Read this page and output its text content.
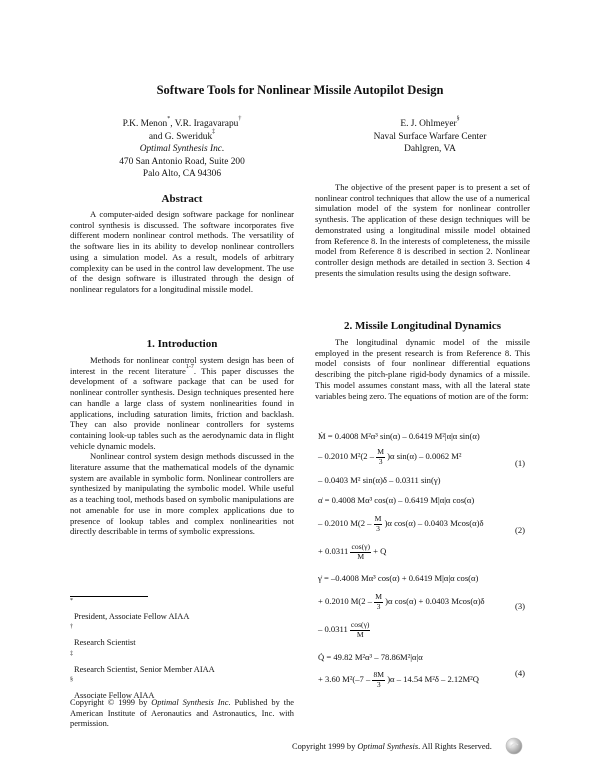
Software Tools for Nonlinear Missile Autopilot Design
P.K. Menon*, V.R. Iragavarapu†
and G. Sweriduk‡
Optimal Synthesis Inc.
470 San Antonio Road, Suite 200
Palo Alto, CA 94306
E. J. Ohlmeyer§
Naval Surface Warfare Center
Dahlgren, VA
Abstract

A computer-aided design software package for nonlinear control synthesis is discussed. The software incorporates five different modern nonlinear control methods. The versatility of the software lies in its ability to develop nonlinear controllers using a simulation model. As a result, models of arbitrary complexity can be used in the control law development. The use of the design software is illustrated through the design of nonlinear regulators for a longitudinal missile model.

1. Introduction

Methods for nonlinear control system design has been of interest in the recent literature$^{1-7}$. This paper discusses the development of a software package that can be used for nonlinear controller synthesis. Design techniques presented here can handle a large class of system nonlinearities found in applications, including saturation limits, friction and backlash. They can also provide nonlinear controllers for systems containing look-up tables such as the aerodynamic data in flight vehicle dynamic models.

Nonlinear control system design methods discussed in the literature assume that the mathematical models of the dynamic system are available in symbolic form. Nonlinear controllers are synthesized by manipulating the symbolic model. While useful as a teaching tool, methods based on symbolic manipulations are not amenable for use in more complex applications due to presence of lookup tables and complex nonlinearities not directly describable in terms of symbolic expressions.

*
President, Associate Fellow AIAA
†
Research Scientist
‡
Research Scientist, Senior Member AIAA
§
Associate Fellow AIAA
Copyright © 1999 by Optimal Synthesis Inc. Published by the American Institute of Aeronautics and Astronautics, Inc. with permission.

The objective of the present paper is to present a set of nonlinear control techniques that allow the use of a numerical simulation model of the system for nonlinear controller synthesis. The application of these design techniques will be demonstrated using a longitudinal missile model obtained from Reference 8. In the interests of completeness, the missile model from Reference 8 is described in section 2. Nonlinear controller design methods are detailed in section 3. Section 4 presents the simulation results using the design software.

2. Missile Longitudinal Dynamics

The longitudinal dynamic model of the missile employed in the present research is from Reference 8. This model consists of four nonlinear differential equations describing the pitch-plane rigid-body dynamics of a missile. This model assumes constant mass, with all the lateral state variables being zero. The equations of motion are of the form:

Ṁ = 0.4008 M²α³ sin(α) – 0.6419 M²|α|α sin(α)
– 0.2010 $M^2(2 - \frac{M}{3} )\alpha$ sin(α) – 0.0062 M²
(1)
– 0.0403 M² sin(α)δ – 0.0311 sin(γ)
α̇ = 0.4008 Mα³ cos(α) – 0.6419 M|α|α cos(α)
– 0.2010 $M(2 - \frac{M}{3} )\alpha$ cos(α) – 0.0403 Mcos(α)δ
(2)
+ $0.0311 \frac{\cos(\gamma)}{M} + Q$
γ̇ = –0.4008 Mα³ cos(α) + 0.6419 M|α|α cos(α)
+ 0.2010 $M(2 - \frac{M}{3} )\alpha$ cos(α) + 0.0403 Mcos(α)δ	(3)
– $0.0311 \frac{\cos(\gamma)}{M}$
Q̇ = 49.82 M²α³ – 78.86M²|α|α
+ 3.60 $M^2(-7 - \frac{8M}{3} )\alpha - 14.54$ M²δ – 2.12M²Q
(4)
Copyright 1999 by Optimal Synthesis. All Rights Reserved.
